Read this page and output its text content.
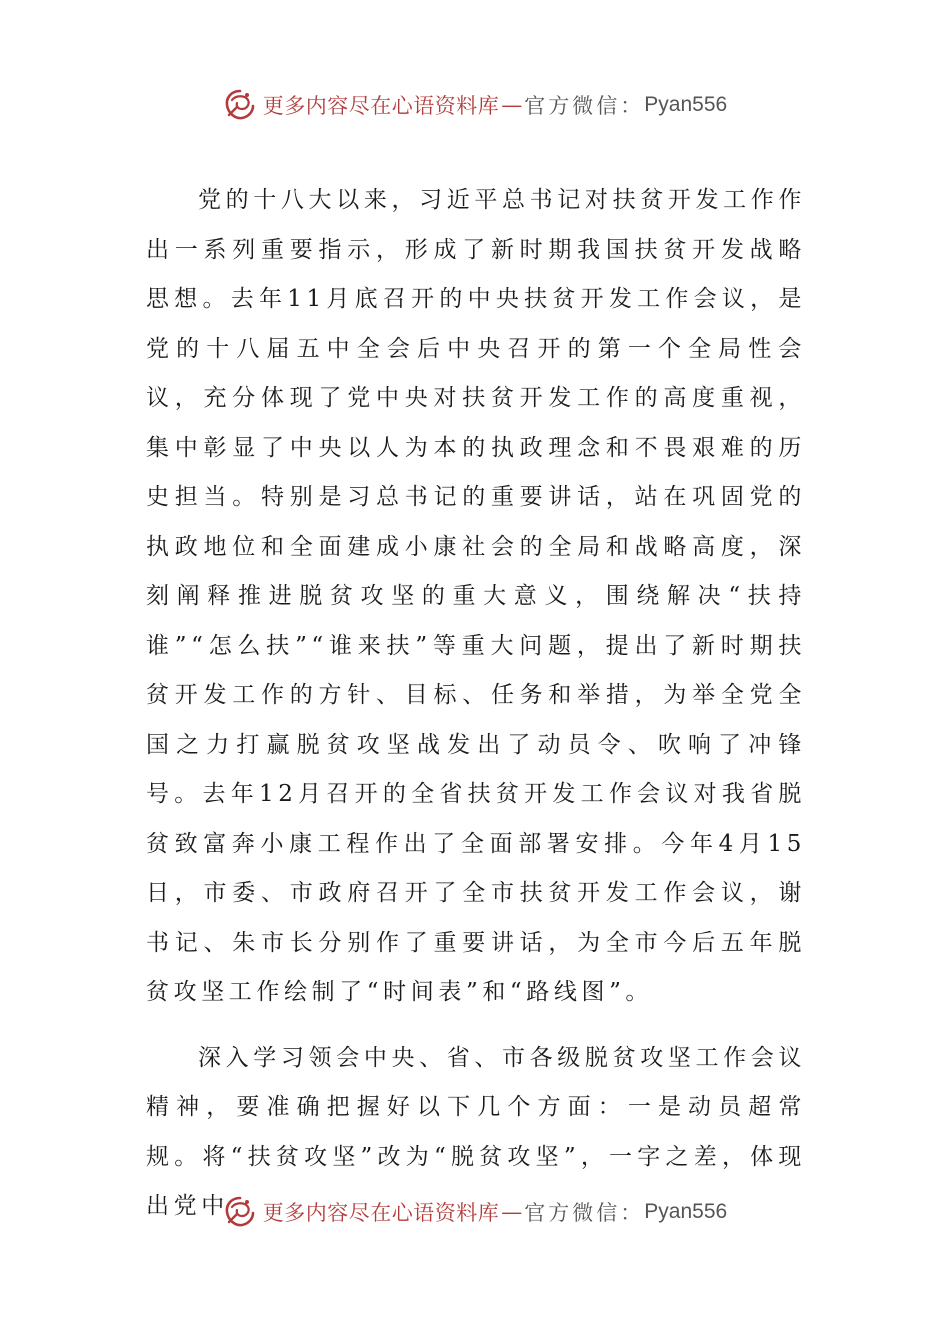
更多内容尽在心语资料库 — 官方微信： Pyan556

党的十八大以来，习近平总书记对扶贫开发工作作出一系列重要指示，形成了新时期我国扶贫开发战略思想。去年11月底召开的中央扶贫开发工作会议，是党的十八届五中全会后中央召开的第一个全局性会议，充分体现了党中央对扶贫开发工作的高度重视，集中彰显了中央以人为本的执政理念和不畏艰难的历史担当。特别是习总书记的重要讲话，站在巩固党的执政地位和全面建成小康社会的全局和战略高度，深刻阐释推进脱贫攻坚的重大意义，围绕解决“扶持谁”“怎么扶”“谁来扶”等重大问题，提出了新时期扶贫开发工作的方针、目标、任务和举措，为举全党全国之力打赢脱贫攻坚战发出了动员令、吹响了冲锋号。去年12月召开的全省扶贫开发工作会议对我省脱贫致富奔小康工程作出了全面部署安排。今年4月15日，市委、市政府召开了全市扶贫开发工作会议，谢书记、朱市长分别作了重要讲话，为全市今后五年脱贫攻坚工作绘制了“时间表”和“路线图”。

深入学习领会中央、省、市各级脱贫攻坚工作会议精神，要准确把握好以下几个方面：一是动员超常规。将“扶贫攻坚”改为“脱贫攻坚”，一字之差，体现出党中	更多内容尽在心语资料库 — 官方微信： Pyan556
